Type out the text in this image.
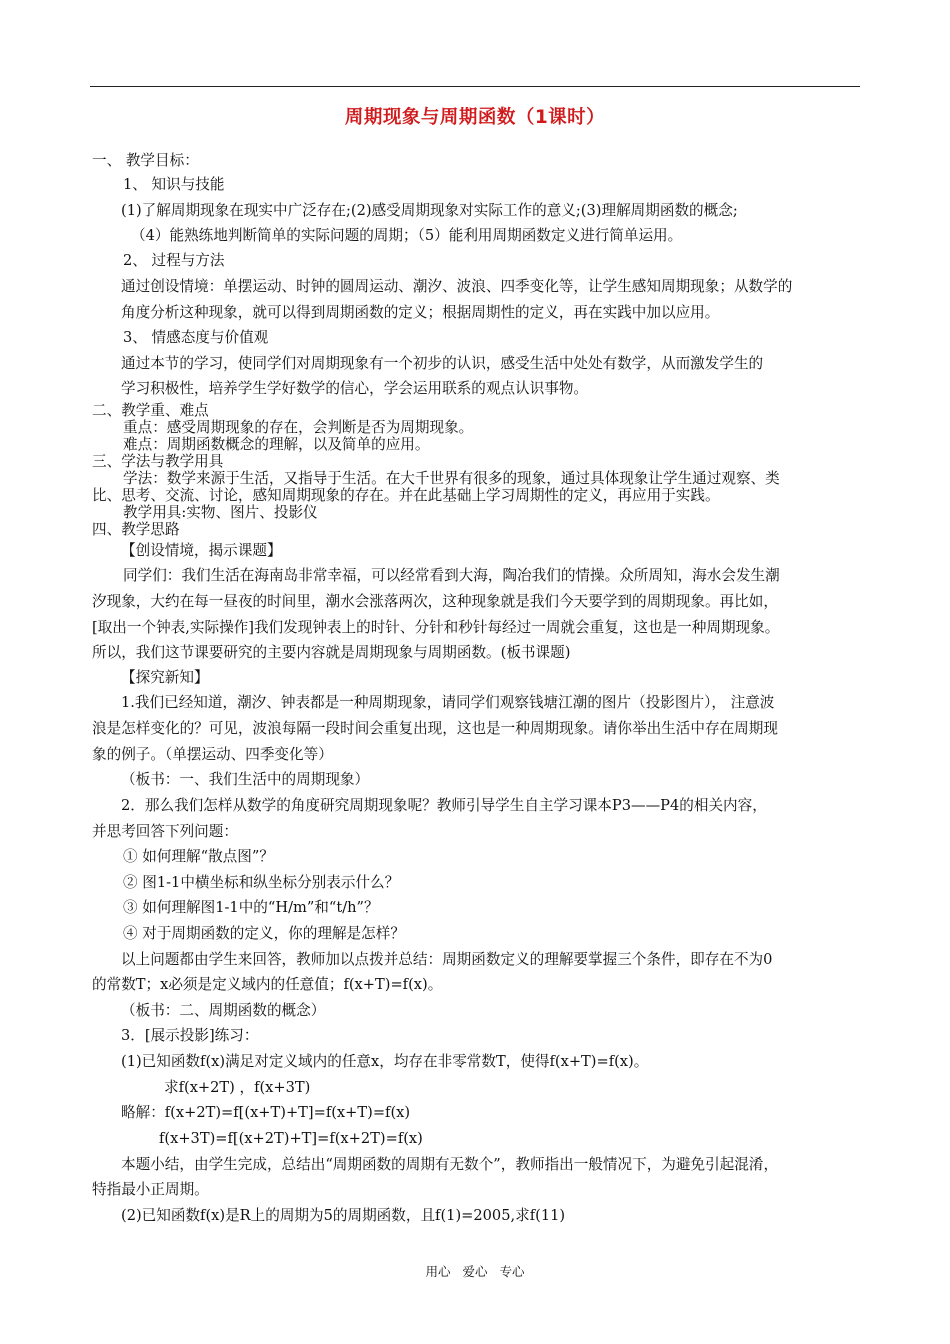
周期现象与周期函数（1课时）
一、 教学目标：
1、 知识与技能
(1)了解周期现象在现实中广泛存在;(2)感受周期现象对实际工作的意义;(3)理解周期函数的概念;
（4）能熟练地判断简单的实际问题的周期；（5）能利用周期函数定义进行简单运用。
2、 过程与方法
通过创设情境：单摆运动、时钟的圆周运动、潮汐、波浪、四季变化等，让学生感知周期现象；从数学的
角度分析这种现象，就可以得到周期函数的定义；根据周期性的定义，再在实践中加以应用。
3、 情感态度与价值观
通过本节的学习，使同学们对周期现象有一个初步的认识，感受生活中处处有数学，从而激发学生的
学习积极性，培养学生学好数学的信心，学会运用联系的观点认识事物。
二、教学重、难点
重点：感受周期现象的存在，会判断是否为周期现象。
难点：周期函数概念的理解，以及简单的应用。
三、学法与教学用具
学法：数学来源于生活，又指导于生活。在大千世界有很多的现象，通过具体现象让学生通过观察、类
比、思考、交流、讨论，感知周期现象的存在。并在此基础上学习周期性的定义，再应用于实践。
教学用具:实物、图片、投影仪
四、教学思路
【创设情境，揭示课题】
同学们：我们生活在海南岛非常幸福，可以经常看到大海，陶冶我们的情操。众所周知，海水会发生潮
汐现象，大约在每一昼夜的时间里，潮水会涨落两次，这种现象就是我们今天要学到的周期现象。再比如，
[取出一个钟表,实际操作]我们发现钟表上的时针、分针和秒针每经过一周就会重复，这也是一种周期现象。
所以，我们这节课要研究的主要内容就是周期现象与周期函数。(板书课题)
【探究新知】
1.我们已经知道，潮汐、钟表都是一种周期现象，请同学们观察钱塘江潮的图片（投影图片）， 注意波
浪是怎样变化的？可见，波浪每隔一段时间会重复出现，这也是一种周期现象。请你举出生活中存在周期现
象的例子。（单摆运动、四季变化等）
（板书：一、我们生活中的周期现象）
2．那么我们怎样从数学的角度研究周期现象呢？教师引导学生自主学习课本P3——P4的相关内容，
并思考回答下列问题：
① 如何理解“散点图”？
② 图1-1中横坐标和纵坐标分别表示什么？
③ 如何理解图1-1中的“H/m”和“t/h”？
④ 对于周期函数的定义，你的理解是怎样？
以上问题都由学生来回答，教师加以点拨并总结：周期函数定义的理解要掌握三个条件，即存在不为0
的常数T；x必须是定义域内的任意值；f(x+T)=f(x)。
（板书：二、周期函数的概念）
3．[展示投影]练习：
(1)已知函数f(x)满足对定义域内的任意x，均存在非零常数T，使得f(x+T)=f(x)。
求f(x+2T) ，f(x+3T)
略解：f(x+2T)=f[(x+T)+T]=f(x+T)=f(x)
f(x+3T)=f[(x+2T)+T]=f(x+2T)=f(x)
本题小结，由学生完成，总结出“周期函数的周期有无数个”，教师指出一般情况下，为避免引起混淆，
特指最小正周期。
(2)已知函数f(x)是R上的周期为5的周期函数，且f(1)=2005,求f(11)
用心 爱心 专心
